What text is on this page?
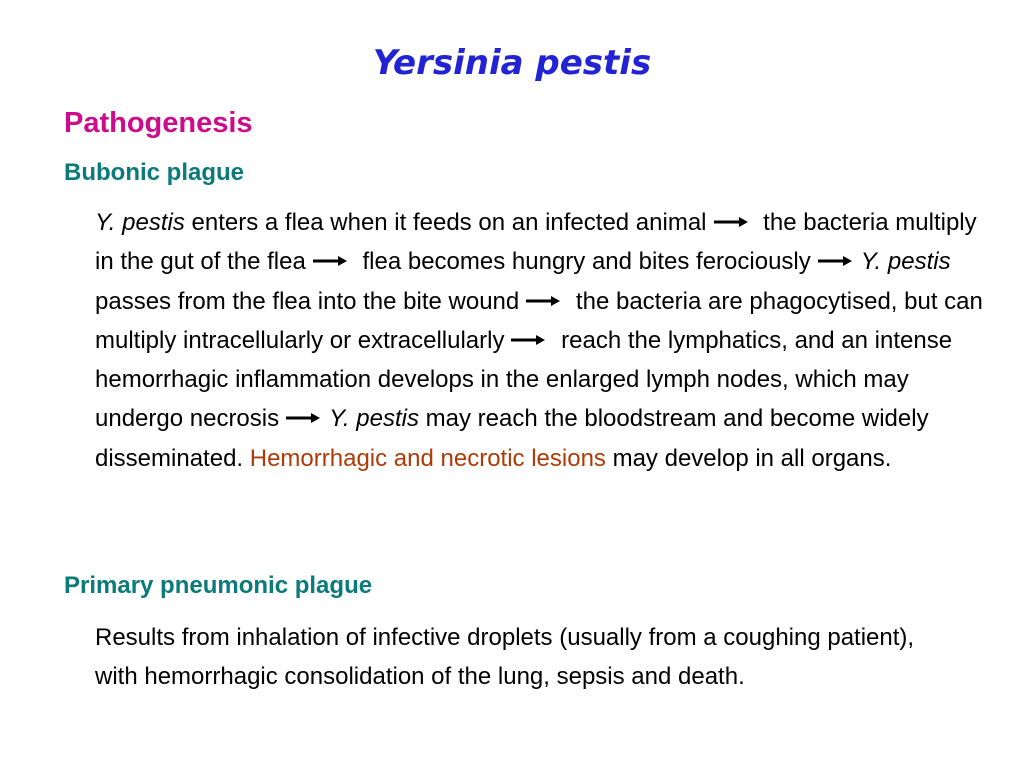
Yersinia pestis
Pathogenesis
Bubonic plague
Y. pestis enters a flea when it feeds on an infected animal
the bacteria multiply in the gut of the flea
flea becomes hungry and bites ferociously Y. pestis passes from the flea into the bite wound
the bacteria are phagocytised, but can multiply intracellularly or extracellularly
reach the lymphatics, and an intense hemorrhagic inflammation develops in the enlarged lymph nodes, which may undergo necrosis Y. pestis may reach the bloodstream and become widely disseminated. Hemorrhagic and necrotic lesions may develop in all organs.
Primary pneumonic plague
Results from inhalation of infective droplets (usually from a coughing patient), with hemorrhagic consolidation of the lung, sepsis and death.
